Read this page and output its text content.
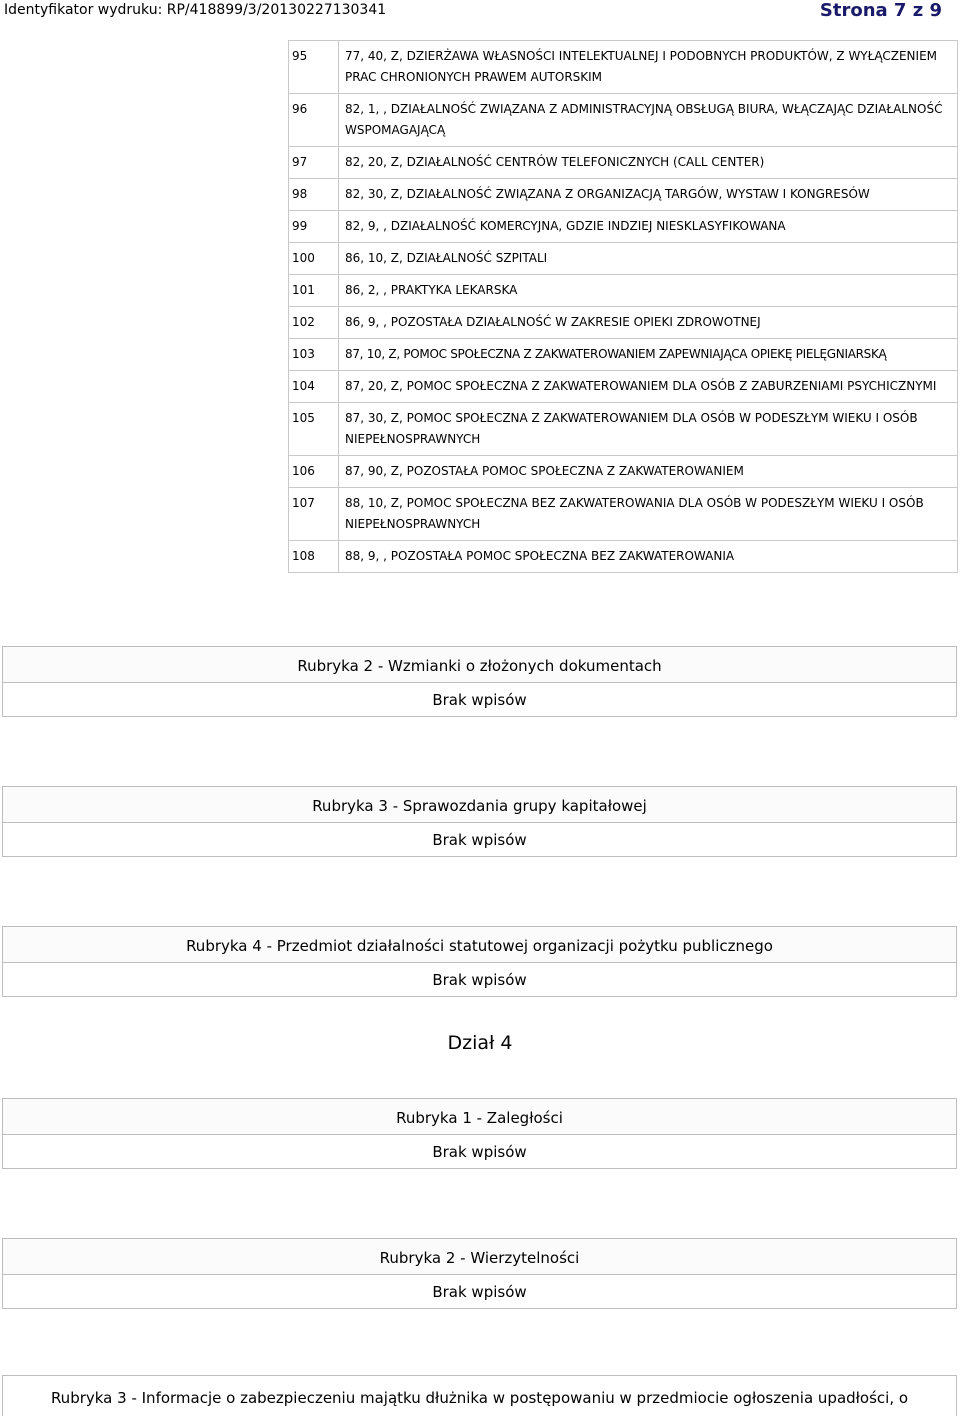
Identyfikator wydruku: RP/418899/3/20130227130341	Strona 7 z 9
95	77, 40, Z, DZIERŻAWA WŁASNOŚCI INTELEKTUALNEJ I PODOBNYCH PRODUKTÓW, Z WYŁĄCZENIEM PRAC CHRONIONYCH PRAWEM AUTORSKIM
96	82, 1, , DZIAŁALNOŚĆ ZWIĄZANA Z ADMINISTRACYJNĄ OBSŁUGĄ BIURA, WŁĄCZAJĄC DZIAŁALNOŚĆ WSPOMAGAJĄCĄ
97	82, 20, Z, DZIAŁALNOŚĆ CENTRÓW TELEFONICZNYCH (CALL CENTER)
98	82, 30, Z, DZIAŁALNOŚĆ ZWIĄZANA Z ORGANIZACJĄ TARGÓW, WYSTAW I KONGRESÓW
99	82, 9, , DZIAŁALNOŚĆ KOMERCYJNA, GDZIE INDZIEJ NIESKLASYFIKOWANA
100	86, 10, Z, DZIAŁALNOŚĆ SZPITALI
101	86, 2, , PRAKTYKA LEKARSKA
102	86, 9, , POZOSTAŁA DZIAŁALNOŚĆ W ZAKRESIE OPIEKI ZDROWOTNEJ
103	87, 10, Z, POMOC SPOŁECZNA Z ZAKWATEROWANIEM ZAPEWNIAJĄCA OPIEKĘ PIELĘGNIARSKĄ
104	87, 20, Z, POMOC SPOŁECZNA Z ZAKWATEROWANIEM DLA OSÓB Z ZABURZENIAMI PSYCHICZNYMI
105	87, 30, Z, POMOC SPOŁECZNA Z ZAKWATEROWANIEM DLA OSÓB W PODESZŁYM WIEKU I OSÓB NIEPEŁNOSPRAWNYCH
106	87, 90, Z, POZOSTAŁA POMOC SPOŁECZNA Z ZAKWATEROWANIEM
107	88, 10, Z, POMOC SPOŁECZNA BEZ ZAKWATEROWANIA DLA OSÓB W PODESZŁYM WIEKU I OSÓB NIEPEŁNOSPRAWNYCH
108	88, 9, , POZOSTAŁA POMOC SPOŁECZNA BEZ ZAKWATEROWANIA
Rubryka 2 - Wzmianki o złożonych dokumentach
Brak wpisów
Rubryka 3 - Sprawozdania grupy kapitałowej
Brak wpisów
Rubryka 4 - Przedmiot działalności statutowej organizacji pożytku publicznego
Brak wpisów
Dział 4
Rubryka 1 - Zaległości
Brak wpisów
Rubryka 2 - Wierzytelności
Brak wpisów
Rubryka 3 - Informacje o zabezpieczeniu majątku dłużnika w postępowaniu w przedmiocie ogłoszenia upadłości, o
